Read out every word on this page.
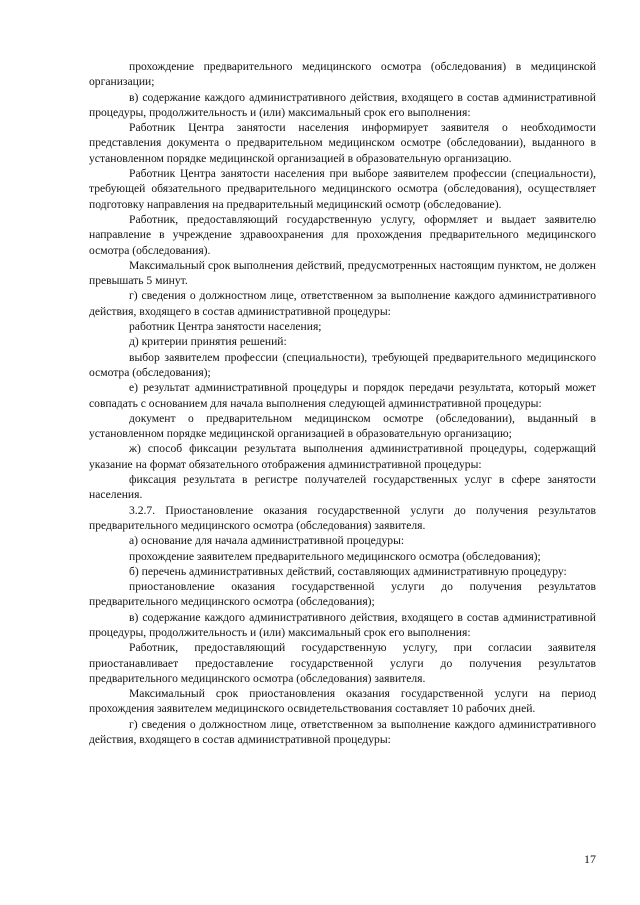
прохождение предварительного медицинского осмотра (обследования) в медицинской организации;

в) содержание каждого административного действия, входящего в состав административной процедуры, продолжительность и (или) максимальный срок его выполнения:

Работник Центра занятости населения информирует заявителя о необходимости представления документа о предварительном медицинском осмотре (обследовании), выданного в установленном порядке медицинской организацией в образовательную организацию.

Работник Центра занятости населения при выборе заявителем профессии (специальности), требующей обязательного предварительного медицинского осмотра (обследования), осуществляет подготовку направления на предварительный медицинский осмотр (обследование).

Работник, предоставляющий государственную услугу, оформляет и выдает заявителю направление в учреждение здравоохранения для прохождения предварительного медицинского осмотра (обследования).

Максимальный срок выполнения действий, предусмотренных настоящим пунктом, не должен превышать 5 минут.

г) сведения о должностном лице, ответственном за выполнение каждого административного действия, входящего в состав административной процедуры:

работник Центра занятости населения;

д) критерии принятия решений:

выбор заявителем профессии (специальности), требующей предварительного медицинского осмотра (обследования);

е) результат административной процедуры и порядок передачи результата, который может совпадать с основанием для начала выполнения следующей административной процедуры:

документ о предварительном медицинском осмотре (обследовании), выданный в установленном порядке медицинской организацией в образовательную организацию;

ж) способ фиксации результата выполнения административной процедуры, содержащий указание на формат обязательного отображения административной процедуры:

фиксация результата в регистре получателей государственных услуг в сфере занятости населения.

3.2.7. Приостановление оказания государственной услуги до получения результатов предварительного медицинского осмотра (обследования) заявителя.

а) основание для начала административной процедуры:

прохождение заявителем предварительного медицинского осмотра (обследования);

б) перечень административных действий, составляющих административную процедуру:

приостановление оказания государственной услуги до получения результатов предварительного медицинского осмотра (обследования);

в) содержание каждого административного действия, входящего в состав административной процедуры, продолжительность и (или) максимальный срок его выполнения:

Работник, предоставляющий государственную услугу, при согласии заявителя приостанавливает предоставление государственной услуги до получения результатов предварительного медицинского осмотра (обследования) заявителя.

Максимальный срок приостановления оказания государственной услуги на период прохождения заявителем медицинского освидетельствования составляет 10 рабочих дней.

г) сведения о должностном лице, ответственном за выполнение каждого административного действия, входящего в состав административной процедуры:

17
